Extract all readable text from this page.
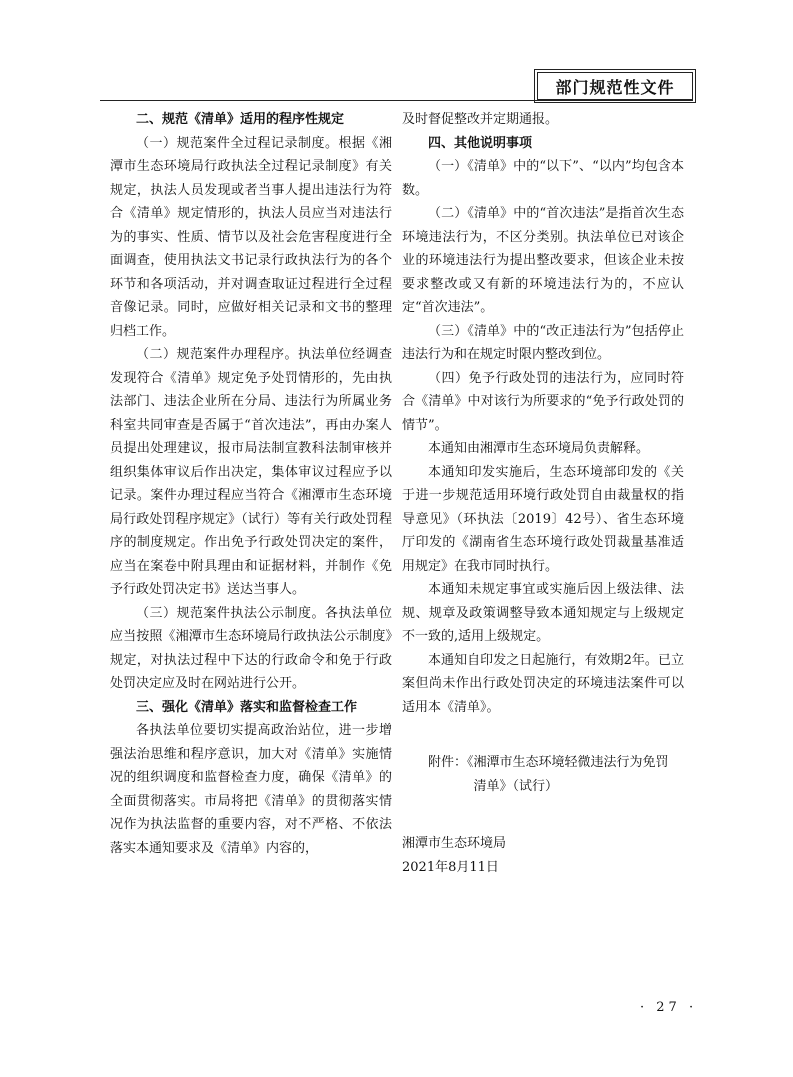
部门规范性文件

二、规范《清单》适用的程序性规定

（一）规范案件全过程记录制度。根据《湘潭市生态环境局行政执法全过程记录制度》有关规定，执法人员发现或者当事人提出违法行为符合《清单》规定情形的，执法人员应当对违法行为的事实、性质、情节以及社会危害程度进行全面调查，使用执法文书记录行政执法行为的各个环节和各项活动，并对调查取证过程进行全过程音像记录。同时，应做好相关记录和文书的整理归档工作。

（二）规范案件办理程序。执法单位经调查发现符合《清单》规定免予处罚情形的，先由执法部门、违法企业所在分局、违法行为所属业务科室共同审查是否属于“首次违法”，再由办案人员提出处理建议，报市局法制宣教科法制审核并组织集体审议后作出决定，集体审议过程应予以记录。案件办理过程应当符合《湘潭市生态环境局行政处罚程序规定》（试行）等有关行政处罚程序的制度规定。作出免予行政处罚决定的案件，应当在案卷中附具理由和证据材料，并制作《免予行政处罚决定书》送达当事人。

（三）规范案件执法公示制度。各执法单位应当按照《湘潭市生态环境局行政执法公示制度》规定，对执法过程中下达的行政命令和免于行政处罚决定应及时在网站进行公开。

三、强化《清单》落实和监督检查工作

各执法单位要切实提高政治站位，进一步增强法治思维和程序意识，加大对《清单》实施情况的组织调度和监督检查力度，确保《清单》的全面贯彻落实。市局将把《清单》的贯彻落实情况作为执法监督的重要内容，对不严格、不依法落实本通知要求及《清单》内容的，

及时督促整改并定期通报。

四、其他说明事项

（一）《清单》中的“以下”、“以内”均包含本数。

（二）《清单》中的“首次违法”是指首次生态环境违法行为，不区分类别。执法单位已对该企业的环境违法行为提出整改要求，但该企业未按要求整改或又有新的环境违法行为的，不应认定“首次违法”。

（三）《清单》中的“改正违法行为”包括停止违法行为和在规定时限内整改到位。

（四）免予行政处罚的违法行为，应同时符合《清单》中对该行为所要求的“免予行政处罚的情节”。

本通知由湘潭市生态环境局负责解释。

本通知印发实施后，生态环境部印发的《关于进一步规范适用环境行政处罚自由裁量权的指导意见》（环执法〔2019〕42号）、省生态环境厅印发的《湖南省生态环境行政处罚裁量基准适用规定》在我市同时执行。

本通知未规定事宜或实施后因上级法律、法规、规章及政策调整导致本通知规定与上级规定不一致的,适用上级规定。

本通知自印发之日起施行，有效期2年。已立案但尚未作出行政处罚决定的环境违法案件可以适用本《清单》。

附件：《湘潭市生态环境轻微违法行为免罚
清单》（试行）

湘潭市生态环境局

2021年8月11日

· 27 ·
